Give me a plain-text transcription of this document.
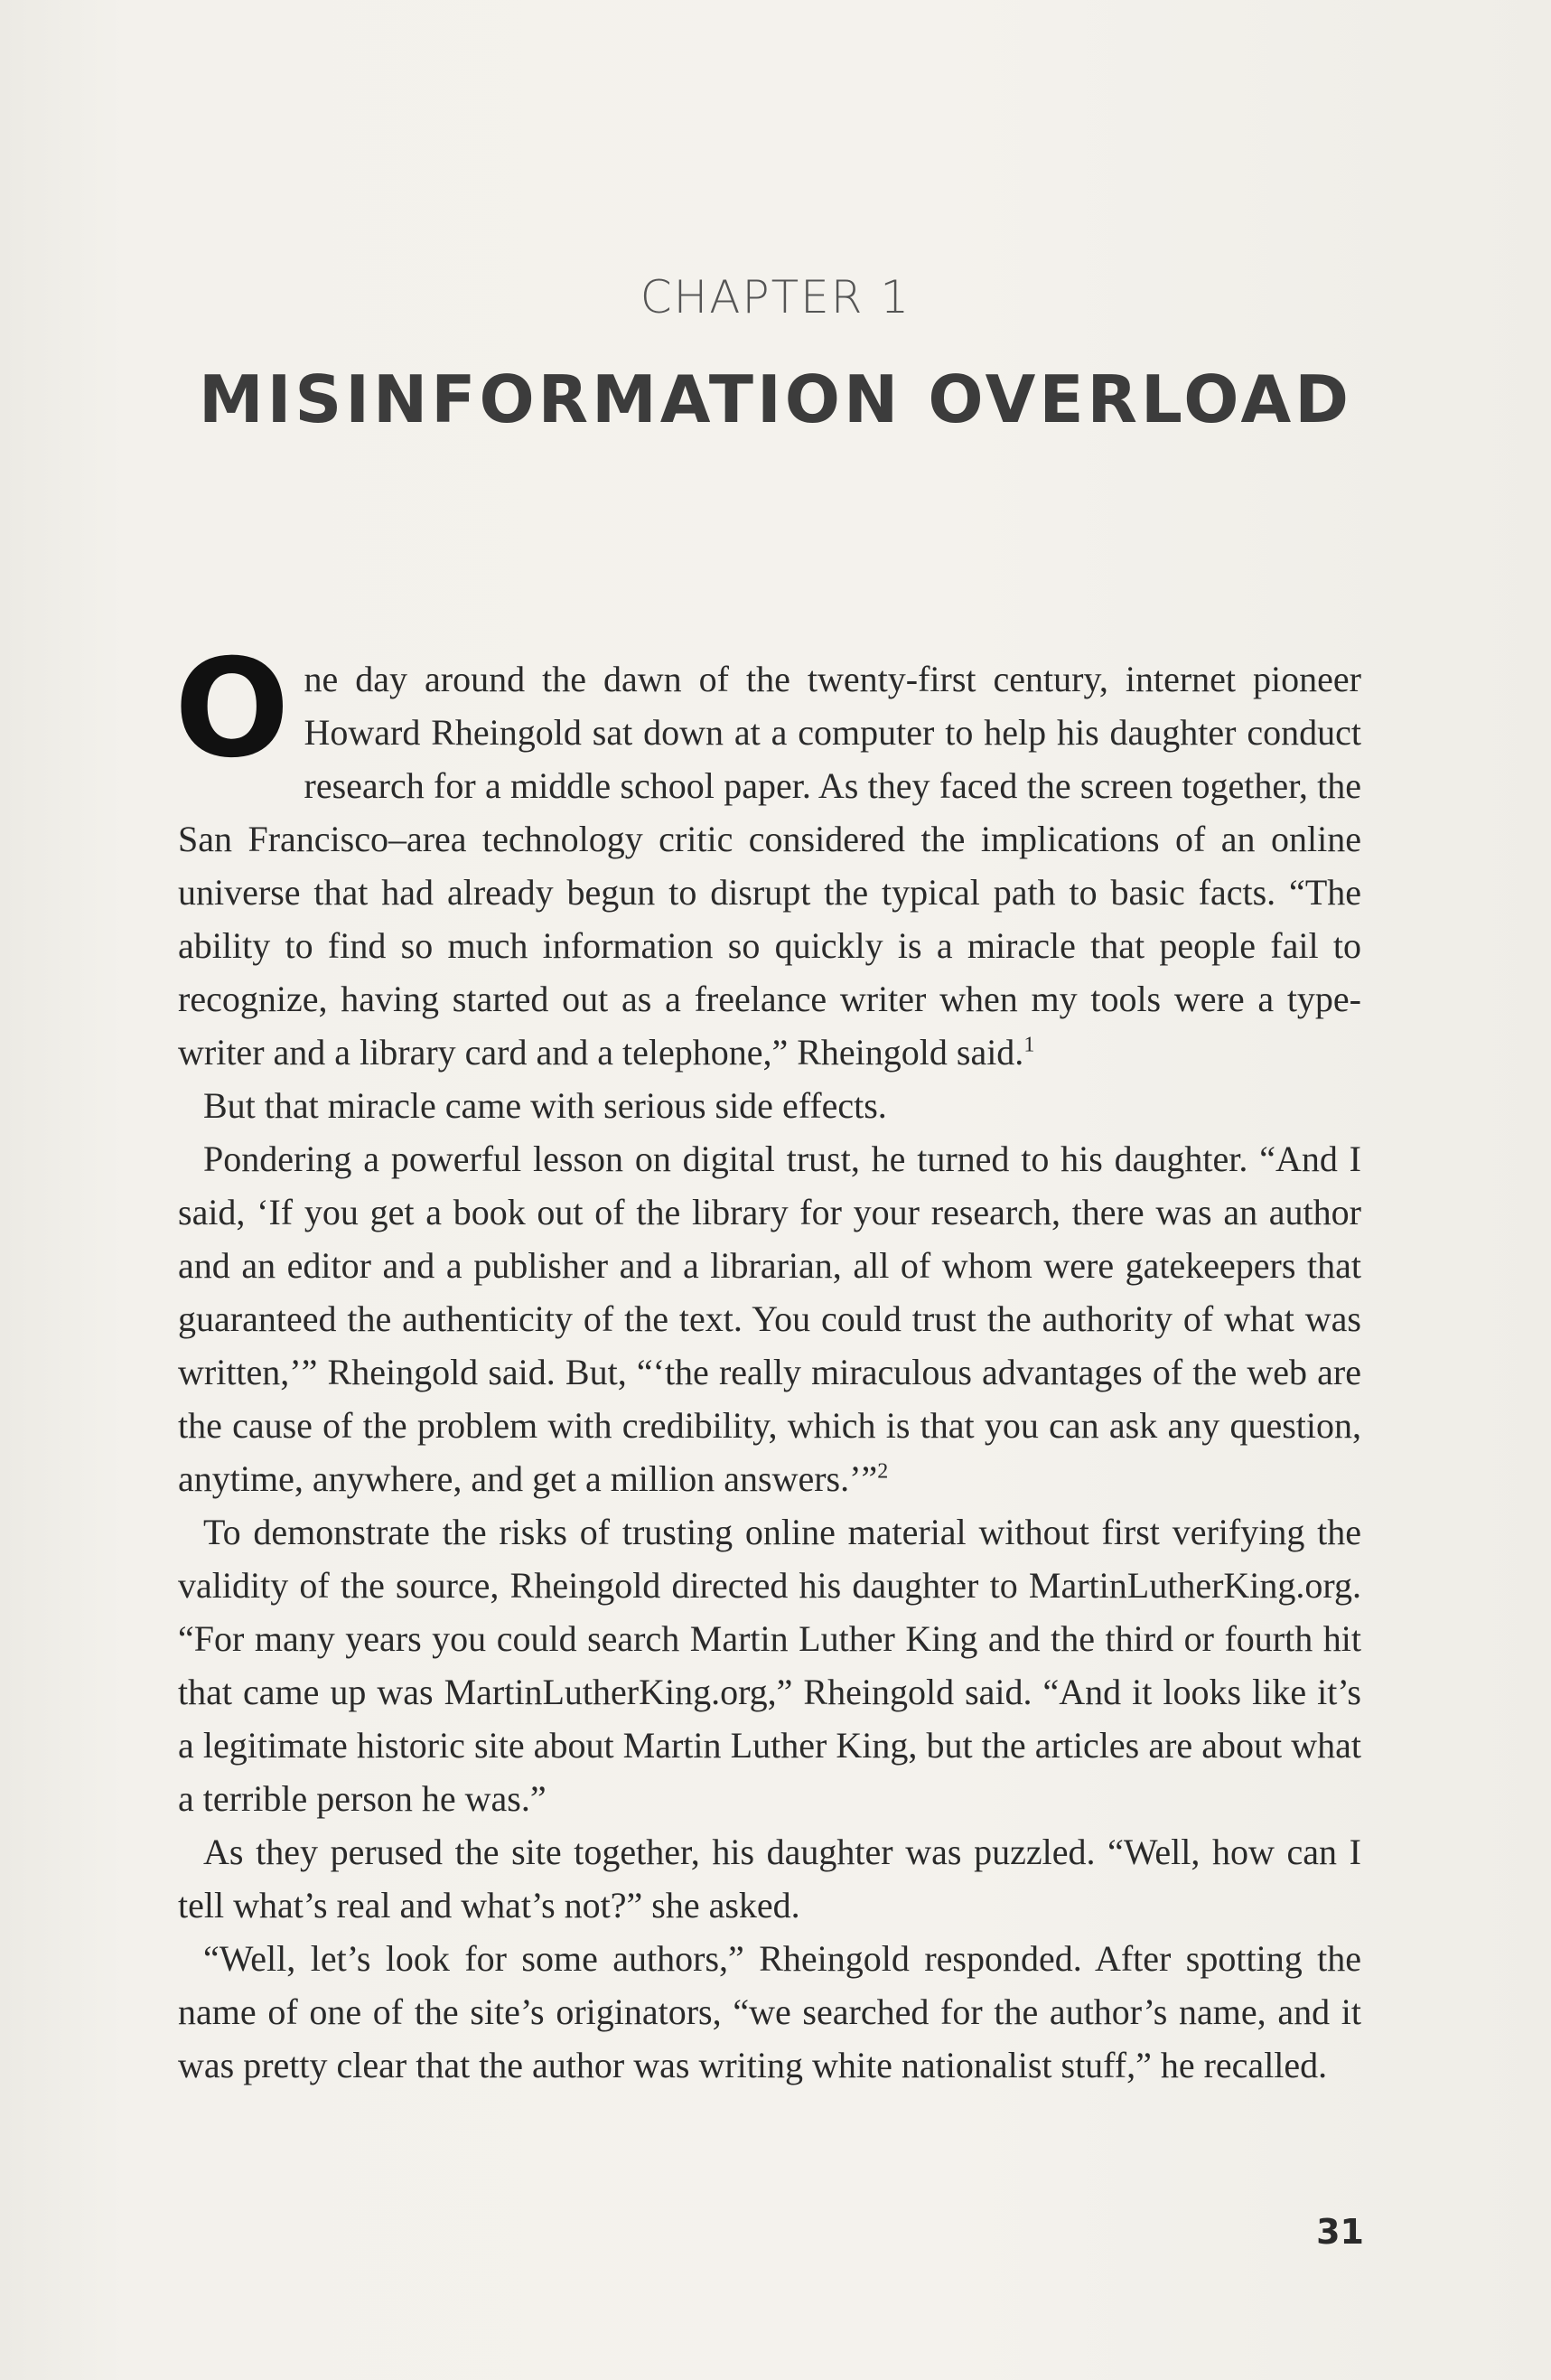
CHAPTER 1
MISINFORMATION OVERLOAD

One day around the dawn of the twenty-first century, internet pioneer Howard Rheingold sat down at a computer to help his daughter conduct research for a middle school paper. As they faced the screen together, the San Francisco–area technology critic considered the implications of an online universe that had already begun to disrupt the typical path to basic facts. “The ability to find so much information so quickly is a miracle that people fail to recognize, having started out as a freelance writer when my tools were a type-writer and a library card and a telephone,” Rheingold said.$^1$

But that miracle came with serious side effects.

Pondering a powerful lesson on digital trust, he turned to his daughter. “And I said, ‘If you get a book out of the library for your research, there was an author and an editor and a publisher and a librarian, all of whom were gatekeepers that guaranteed the authenticity of the text. You could trust the authority of what was written,’” Rheingold said. But, “‘the really miraculous advantages of the web are the cause of the problem with credibility, which is that you can ask any question, anytime, anywhere, and get a million answers.’”$^2$

To demonstrate the risks of trusting online material without first verifying the validity of the source, Rheingold directed his daughter to MartinLutherKing.org. “For many years you could search Martin Luther King and the third or fourth hit that came up was MartinLutherKing.org,” Rheingold said. “And it looks like it’s a legitimate historic site about Martin Luther King, but the articles are about what a terrible person he was.”

As they perused the site together, his daughter was puzzled. “Well, how can I tell what’s real and what’s not?” she asked.

“Well, let’s look for some authors,” Rheingold responded. After spotting the name of one of the site’s originators, “we searched for the author’s name, and it was pretty clear that the author was writing white nationalist stuff,” he recalled.

31
